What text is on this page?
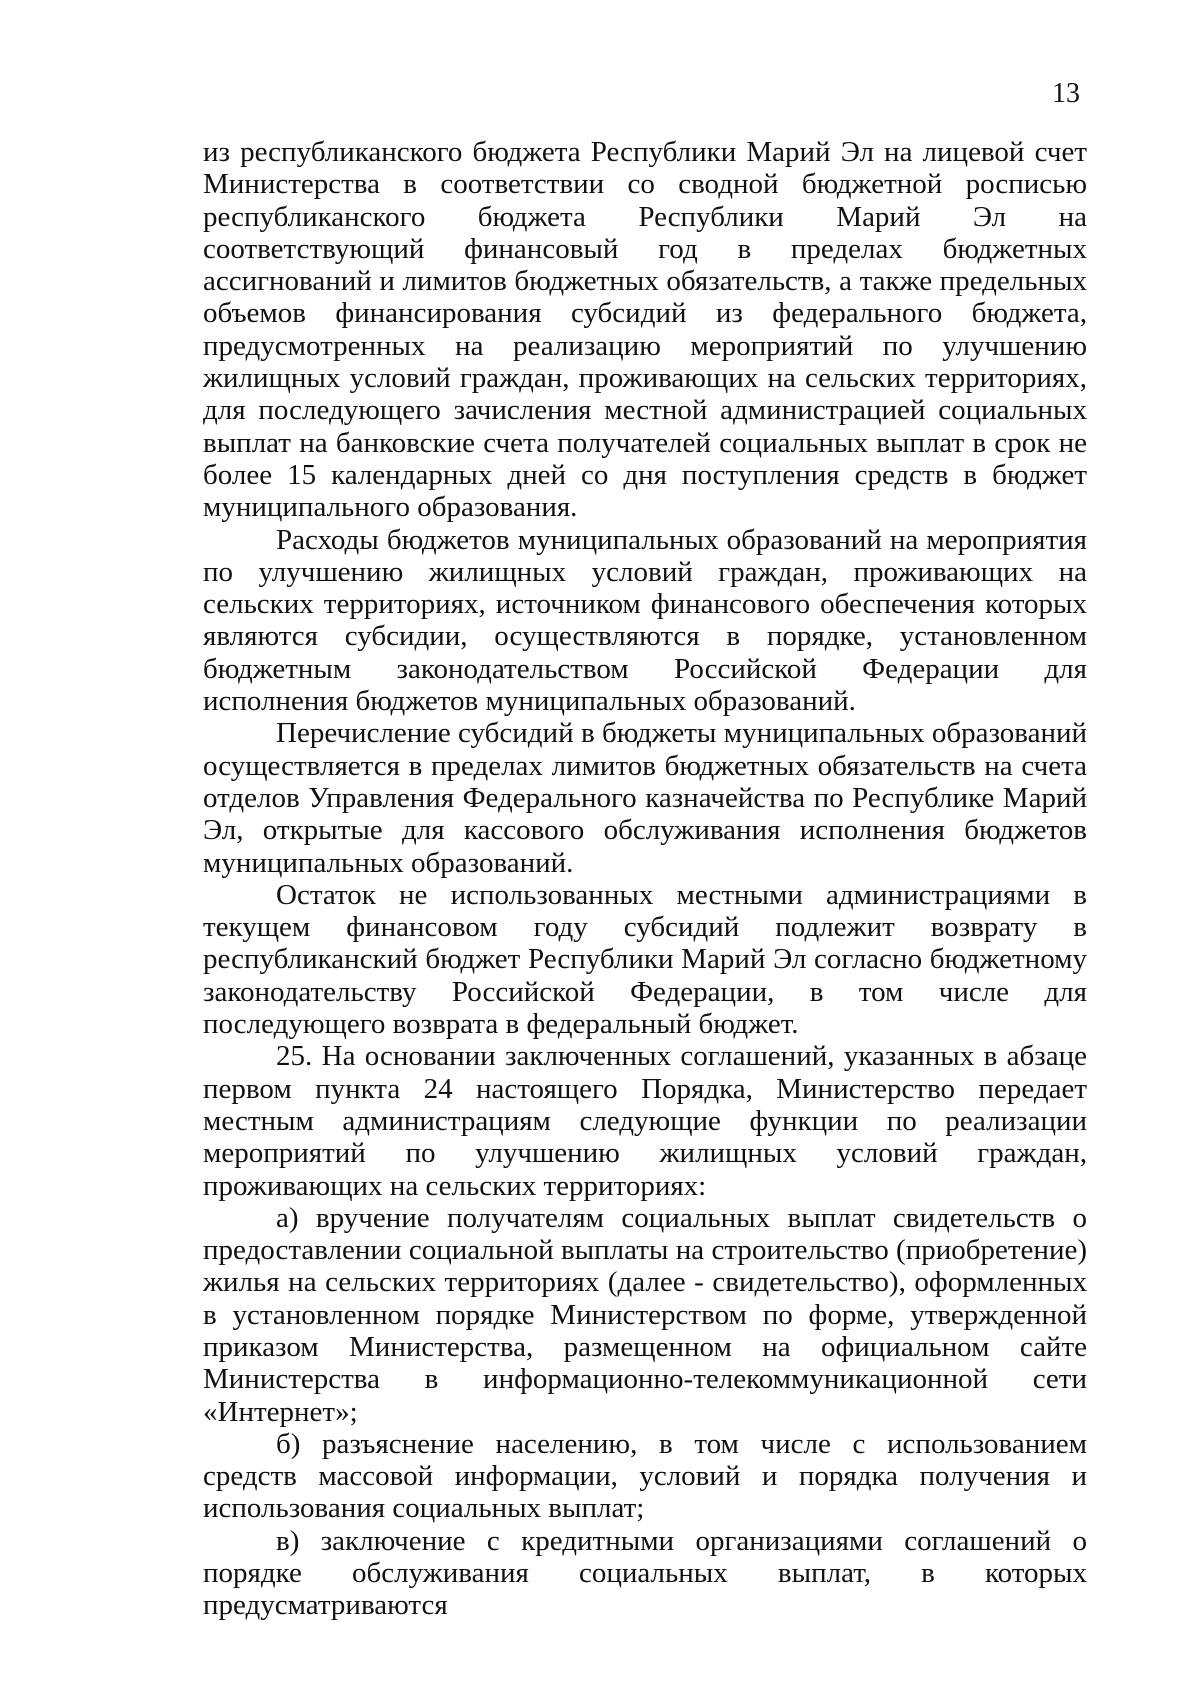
13

из республиканского бюджета Республики Марий Эл на лицевой счет Министерства в соответствии со сводной бюджетной росписью республиканского бюджета Республики Марий Эл на соответствующий финансовый год в пределах бюджетных ассигнований и лимитов бюджетных обязательств, а также предельных объемов финансирования субсидий из федерального бюджета, предусмотренных на реализацию мероприятий по улучшению жилищных условий граждан, проживающих на сельских территориях, для последующего зачисления местной администрацией социальных выплат на банковские счета получателей социальных выплат в срок не более 15 календарных дней со дня поступления средств в бюджет муниципального образования.

Расходы бюджетов муниципальных образований на мероприятия по улучшению жилищных условий граждан, проживающих на сельских территориях, источником финансового обеспечения которых являются субсидии, осуществляются в порядке, установленном бюджетным законодательством Российской Федерации для исполнения бюджетов муниципальных образований.

Перечисление субсидий в бюджеты муниципальных образований осуществляется в пределах лимитов бюджетных обязательств на счета отделов Управления Федерального казначейства по Республике Марий Эл, открытые для кассового обслуживания исполнения бюджетов муниципальных образований.

Остаток не использованных местными администрациями в текущем финансовом году субсидий подлежит возврату в республиканский бюджет Республики Марий Эл согласно бюджетному законодательству Российской Федерации, в том числе для последующего возврата в федеральный бюджет.

25. На основании заключенных соглашений, указанных в абзаце первом пункта 24 настоящего Порядка, Министерство передает местным администрациям следующие функции по реализации мероприятий по улучшению жилищных условий граждан, проживающих на сельских территориях:

а) вручение получателям социальных выплат свидетельств о предоставлении социальной выплаты на строительство (приобретение) жилья на сельских территориях (далее - свидетельство), оформленных в установленном порядке Министерством по форме, утвержденной приказом Министерства, размещенном на официальном сайте Министерства в информационно-телекоммуникационной сети «Интернет»;

б) разъяснение населению, в том числе с использованием средств массовой информации, условий и порядка получения и использования социальных выплат;

в) заключение с кредитными организациями соглашений о порядке обслуживания социальных выплат, в которых предусматриваются
